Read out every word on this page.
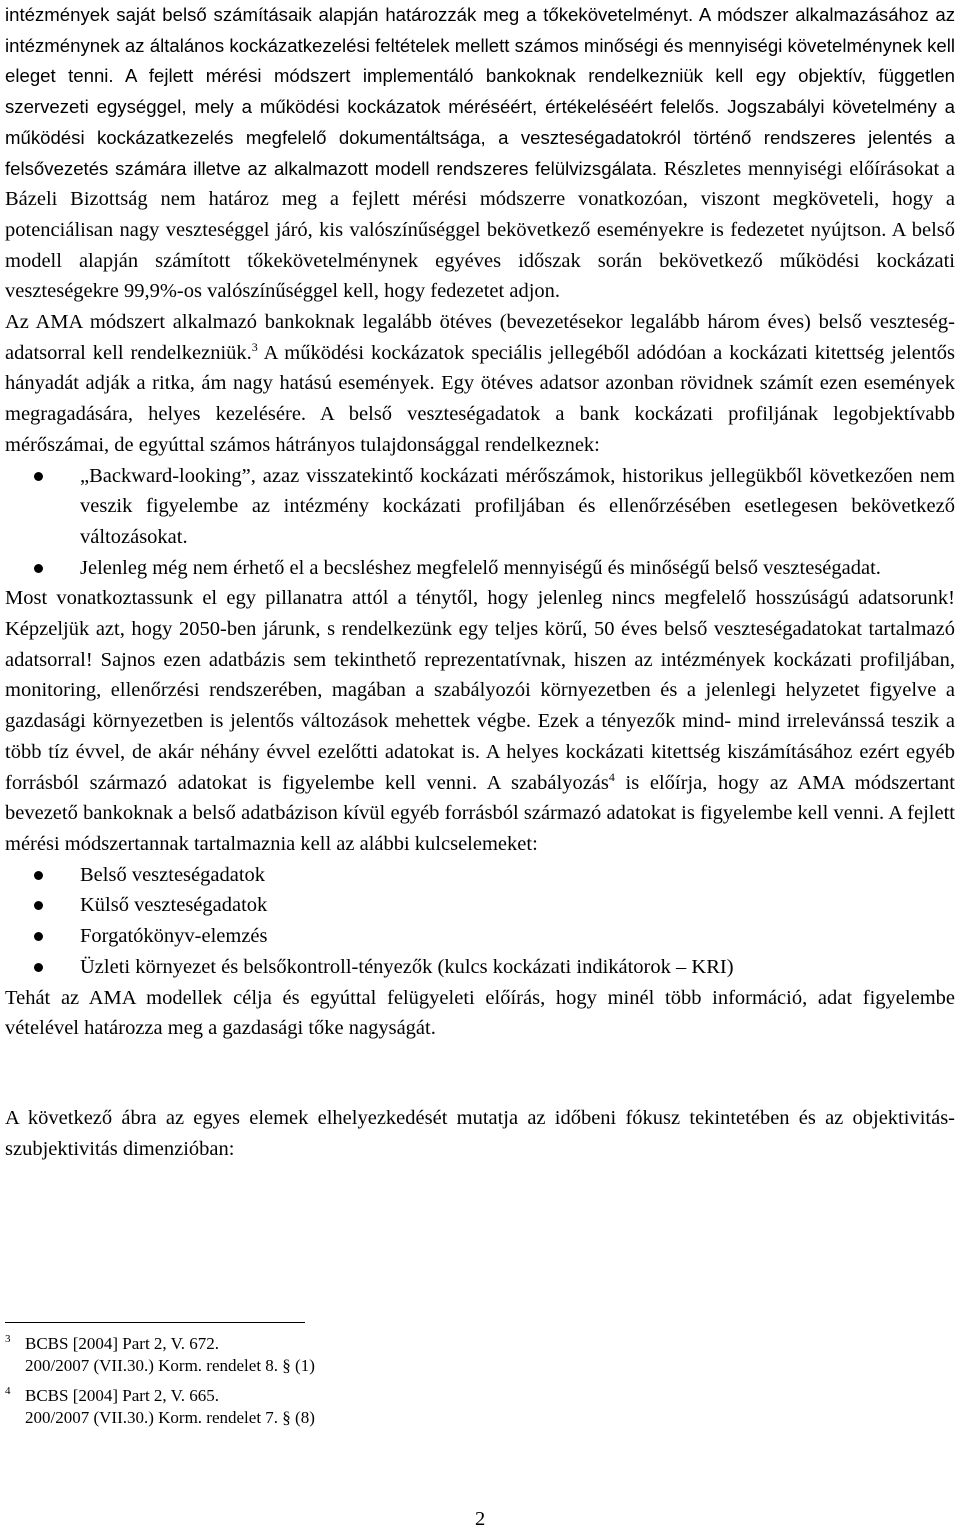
intézmények saját belső számításaik alapján határozzák meg a tőkekövetelményt. A módszer alkalmazásához az intézménynek az általános kockázatkezelési feltételek mellett számos minőségi és mennyiségi követelménynek kell eleget tenni. A fejlett mérési módszert implementáló bankoknak rendelkezniük kell egy objektív, független szervezeti egységgel, mely a működési kockázatok méréséért, értékeléséért felelős. Jogszabályi követelmény a működési kockázatkezelés megfelelő dokumentáltsága, a veszteségadatokról történő rendszeres jelentés a felsővezetés számára illetve az alkalmazott modell rendszeres felülvizsgálata. Részletes mennyiségi előírásokat a Bázeli Bizottság nem határoz meg a fejlett mérési módszerre vonatkozóan, viszont megköveteli, hogy a potenciálisan nagy veszteséggel járó, kis valószínűséggel bekövetkező eseményekre is fedezetet nyújtson. A belső modell alapján számított tőkekövetelménynek egyéves időszak során bekövetkező működési kockázati veszteségekre 99,9%-os valószínűséggel kell, hogy fedezetet adjon.

Az AMA módszert alkalmazó bankoknak legalább ötéves (bevezetésekor legalább három éves) belső veszteség-adatsorral kell rendelkezniük.$^3$ A működési kockázatok speciális jellegéből adódóan a kockázati kitettség jelentős hányadát adják a ritka, ám nagy hatású események. Egy ötéves adatsor azonban rövidnek számít ezen események megragadására, helyes kezelésére. A belső veszteségadatok a bank kockázati profiljának legobjektívabb mérőszámai, de egyúttal számos hátrányos tulajdonsággal rendelkeznek:

„Backward-looking”, azaz visszatekintő kockázati mérőszámok, historikus jellegükből következően nem veszik figyelembe az intézmény kockázati profiljában és ellenőrzésében esetlegesen bekövetkező változásokat.
Jelenleg még nem érhető el a becsléshez megfelelő mennyiségű és minőségű belső veszteségadat.

Most vonatkoztassunk el egy pillanatra attól a ténytől, hogy jelenleg nincs megfelelő hosszúságú adatsorunk! Képzeljük azt, hogy 2050-ben járunk, s rendelkezünk egy teljes körű, 50 éves belső veszteségadatokat tartalmazó adatsorral! Sajnos ezen adatbázis sem tekinthető reprezentatívnak, hiszen az intézmények kockázati profiljában, monitoring, ellenőrzési rendszerében, magában a szabályozói környezetben és a jelenlegi helyzetet figyelve a gazdasági környezetben is jelentős változások mehettek végbe. Ezek a tényezők mind- mind irrelevánssá teszik a több tíz évvel, de akár néhány évvel ezelőtti adatokat is. A helyes kockázati kitettség kiszámításához ezért egyéb forrásból származó adatokat is figyelembe kell venni. A szabályozás$^4$ is előírja, hogy az AMA módszertant bevezető bankoknak a belső adatbázison kívül egyéb forrásból származó adatokat is figyelembe kell venni. A fejlett mérési módszertannak tartalmaznia kell az alábbi kulcselemeket:

Belső veszteségadatok
Külső veszteségadatok
Forgatókönyv-elemzés
Üzleti környezet és belsőkontroll-tényezők (kulcs kockázati indikátorok – KRI)

Tehát az AMA modellek célja és egyúttal felügyeleti előírás, hogy minél több információ, adat figyelembe vételével határozza meg a gazdasági tőke nagyságát.

A következő ábra az egyes elemek elhelyezkedését mutatja az időbeni fókusz tekintetében és az objektivitás-szubjektivitás dimenzióban:

$^3$ BCBS [2004] Part 2, V. 672.
200/2007 (VII.30.) Korm. rendelet 8. § (1)
$^4$ BCBS [2004] Part 2, V. 665.
200/2007 (VII.30.) Korm. rendelet 7. § (8)
2
